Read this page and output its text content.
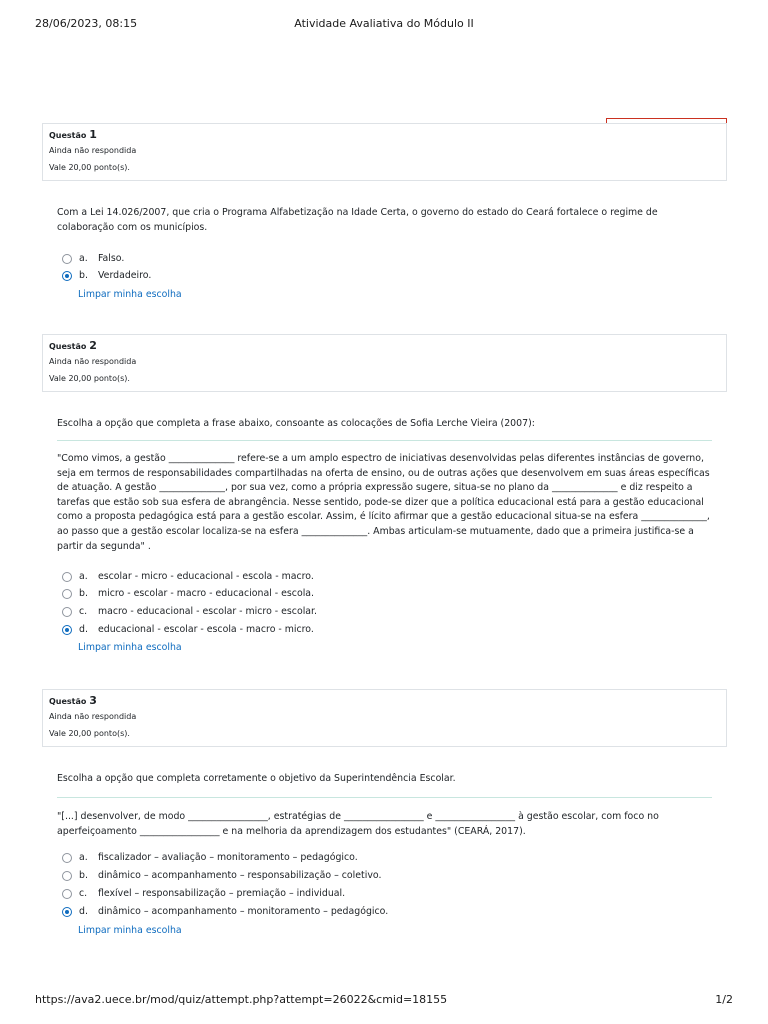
28/06/2023, 08:15	Atividade Avaliativa do Módulo II
Questão 1
Ainda não respondida
Vale 20,00 ponto(s).
Com a Lei 14.026/2007, que cria o Programa Alfabetização na Idade Certa, o governo do estado do Ceará fortalece o regime de colaboração com os municípios.
a.	Falso.
b.	Verdadeiro.
Limpar minha escolha
Questão 2
Ainda não respondida
Vale 20,00 ponto(s).
Escolha a opção que completa a frase abaixo, consoante as colocações de Sofia Lerche Vieira (2007):
"Como vimos, a gestão ______________ refere-se a um amplo espectro de iniciativas desenvolvidas pelas diferentes instâncias de governo, seja em termos de responsabilidades compartilhadas na oferta de ensino, ou de outras ações que desenvolvem em suas áreas específicas de atuação. A gestão ______________, por sua vez, como a própria expressão sugere, situa-se no plano da ______________ e diz respeito a tarefas que estão sob sua esfera de abrangência. Nesse sentido, pode-se dizer que a política educacional está para a gestão educacional como a proposta pedagógica está para a gestão escolar. Assim, é lícito afirmar que a gestão educacional situa-se na esfera ______________, ao passo que a gestão escolar localiza-se na esfera ______________. Ambas articulam-se mutuamente, dado que a primeira justifica-se a partir da segunda" .
a.	escolar - micro - educacional - escola - macro.
b.	micro - escolar - macro - educacional - escola.
c.	macro - educacional - escolar - micro - escolar.
d.	educacional - escolar - escola - macro - micro.
Limpar minha escolha
Questão 3
Ainda não respondida
Vale 20,00 ponto(s).
Escolha a opção que completa corretamente o objetivo da Superintendência Escolar.
"[...] desenvolver, de modo _________________, estratégias de _________________ e _________________ à gestão escolar, com foco no aperfeiçoamento _________________ e na melhoria da aprendizagem dos estudantes" (CEARÁ, 2017).
a.	fiscalizador – avaliação – monitoramento – pedagógico.
b.	dinâmico – acompanhamento – responsabilização – coletivo.
c.	flexível – responsabilização – premiação – individual.
d.	dinâmico – acompanhamento – monitoramento – pedagógico.
Limpar minha escolha
https://ava2.uece.br/mod/quiz/attempt.php?attempt=26022&cmid=18155	1/2
